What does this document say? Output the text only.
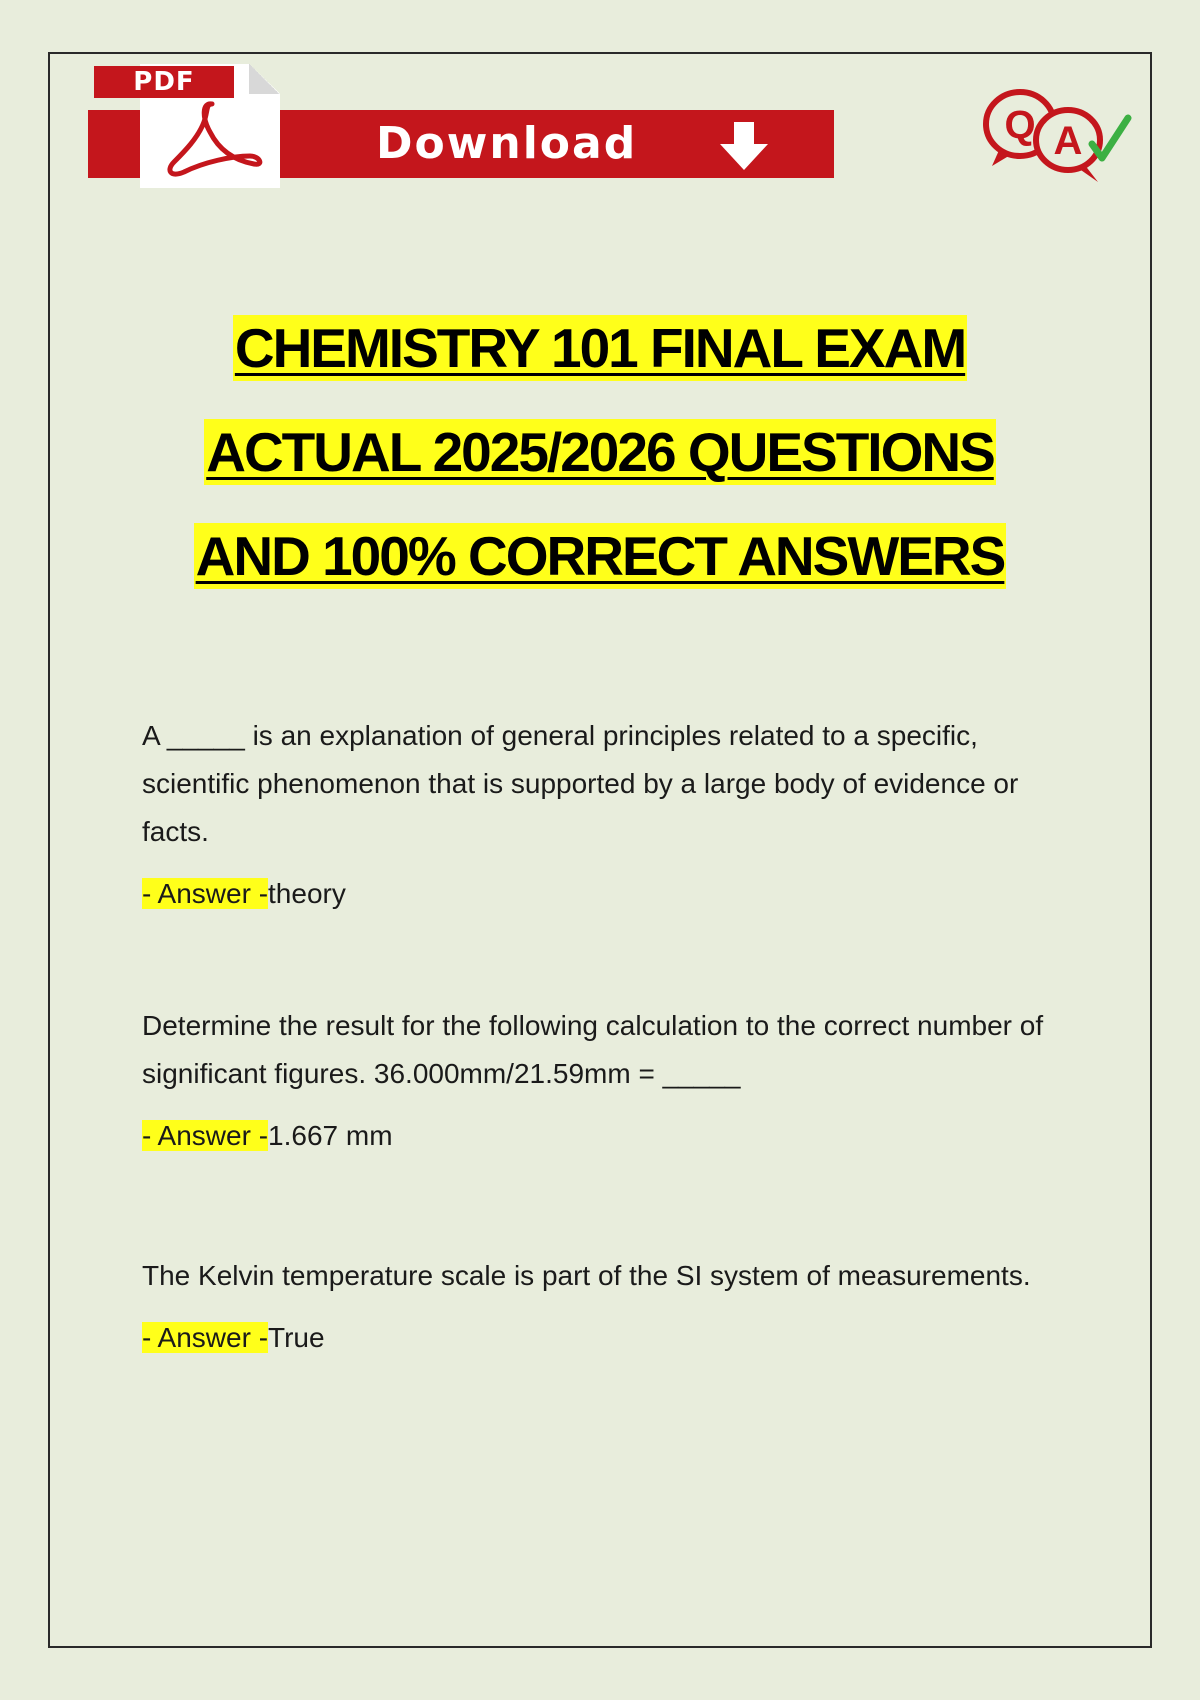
Download
PDF
Q A
CHEMISTRY 101 FINAL EXAM
ACTUAL 2025/2026 QUESTIONS
AND 100% CORRECT ANSWERS

A _____ is an explanation of general principles related to a specific, scientific phenomenon that is supported by a large body of evidence or facts.

- Answer -theory

Determine the result for the following calculation to the correct number of significant figures. 36.000mm/21.59mm = _____

- Answer -1.667 mm

The Kelvin temperature scale is part of the SI system of measurements.

- Answer -True
